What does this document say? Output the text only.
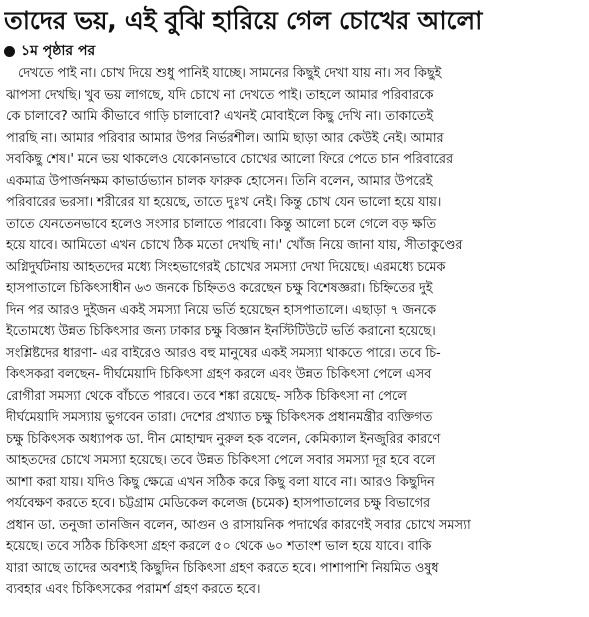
তাদের ভয়, এই বুঝি হারিয়ে গেল চোখের আলো
১ম পৃষ্ঠার পর
দেখতে পাই না। চোখ দিয়ে শুধু পানিই যাচ্ছে। সামনের কিছুই দেখা যায় না। সব কিছুই
ঝাপসা দেখছি। খুব ভয় লাগছে, যদি চোখে না দেখতে পাই। তাহলে আমার পরিবারকে
কে চালাবে? আমি কীভাবে গাড়ি চালাবো? এখনই মোবাইলে কিছু দেখি না। তাকাতেই
পারছি না। আমার পরিবার আমার উপর নির্ভরশীল। আমি ছাড়া আর কেউই নেই। আমার
সবকিছু শেষ।' মনে ভয় থাকলেও যেকোনভাবে চোখের আলো ফিরে পেতে চান পরিবারের
একমাত্র উপার্জনক্ষম কাভার্ডভ্যান চালক ফারুক হোসেন। তিনি বলেন, আমার উপরেই
পরিবারের ভরসা। শরীরের যা হয়েছে, তাতে দুঃখ নেই। কিন্তু চোখ যেন ভালো হয়ে যায়।
তাতে যেনতেনভাবে হলেও সংসার চালাতে পারবো। কিন্তু আলো চলে গেলে বড় ক্ষতি
হয়ে যাবে। আমিতো এখন চোখে ঠিক মতো দেখছি না।' খোঁজ নিয়ে জানা যায়, সীতাকুণ্ডের
অগ্নিদুর্ঘটনায় আহতদের মধ্যে সিংহভাগেরই চোখের সমস্যা দেখা দিয়েছে। এরমধ্যে চমেক
হাসপাতালে চিকিৎসাধীন ৬৩ জনকে চিহ্নিতও করেছেন চক্ষু বিশেষজ্ঞরা। চিহ্নিতের দুই
দিন পর আরও দুইজন একই সমস্যা নিয়ে ভর্তি হয়েছেন হাসপাতালে। এছাড়া ৭ জনকে
ইতোমধ্যে উন্নত চিকিৎসার জন্য ঢাকার চক্ষু বিজ্ঞান ইনস্টিটিউটে ভর্তি করানো হয়েছে।
সংশ্লিষ্টদের ধারণা- এর বাইরেও আরও বহু মানুষের একই সমস্যা থাকতে পারে। তবে চি-
কিৎসকরা বলছেন- দীর্ঘমেয়াদি চিকিৎসা গ্রহণ করলে এবং উন্নত চিকিৎসা পেলে এসব
রোগীরা সমস্যা থেকে বাঁচতে পারবে। তবে শঙ্কা রয়েছে- সঠিক চিকিৎসা না পেলে
দীর্ঘমেয়াদি সমস্যায় ভুগবেন তারা। দেশের প্রখ্যাত চক্ষু চিকিৎসক প্রধানমন্ত্রীর ব্যক্তিগত
চক্ষু চিকিৎসক অধ্যাপক ডা. দীন মোহাম্মদ নুরুল হক বলেন, কেমিক্যাল ইনজুরির কারণে
আহতদের চোখে সমস্যা হয়েছে। তবে উন্নত চিকিৎসা পেলে সবার সমস্যা দূর হবে বলে
আশা করা যায়। যদিও কিছু ক্ষেত্রে এখন সঠিক করে কিছু বলা যাবে না। আরও কিছুদিন
পর্যবেক্ষণ করতে হবে। চট্টগ্রাম মেডিকেল কলেজ (চমেক) হাসপাতালের চক্ষু বিভাগের
প্রধান ডা. তনুজা তানজিন বলেন, আগুন ও রাসায়নিক পদার্থের কারণেই সবার চোখে সমস্যা
হয়েছে। তবে সঠিক চিকিৎসা গ্রহণ করলে ৫০ থেকে ৬০ শতাংশ ভাল হয়ে যাবে। বাকি
যারা আছে তাদের অবশ্যই কিছুদিন চিকিৎসা গ্রহণ করতে হবে। পাশাপাশি নিয়মিত ওষুধ
ব্যবহার এবং চিকিৎসকের পরামর্শ গ্রহণ করতে হবে।
